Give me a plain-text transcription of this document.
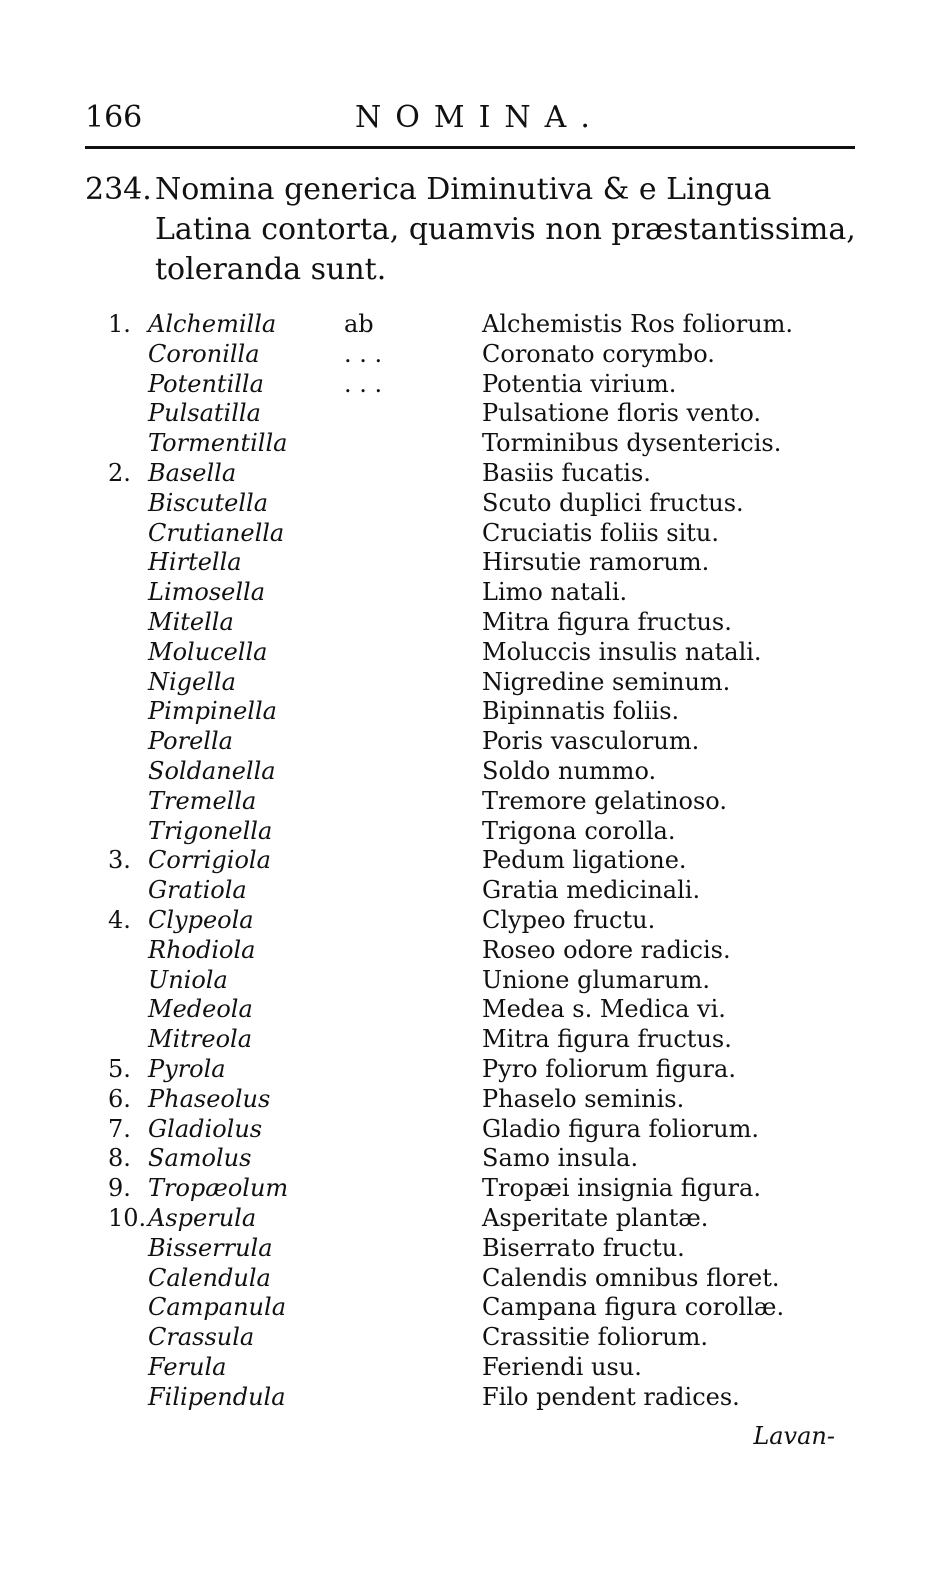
166	NOMINA.
234. Nomina generica Diminutiva & e Lingua Latina contorta, quamvis non præstantissima, toleranda sunt.
1. Alchemilla	ab	Alchemistis Ros foliorum.
Coronilla	. . .	Coronato corymbo.
Potentilla	. . .	Potentia virium.
Pulsatilla	Pulsatione floris vento.
Tormentilla	Torminibus dysentericis.
2. Basella	Basiis fucatis.
Biscutella	Scuto duplici fructus.
Crutianella	Cruciatis foliis situ.
Hirtella	Hirsutie ramorum.
Limosella	Limo natali.
Mitella	Mitra figura fructus.
Molucella	Moluccis insulis natali.
Nigella	Nigredine seminum.
Pimpinella	Bipinnatis foliis.
Porella	Poris vasculorum.
Soldanella	Soldo nummo.
Tremella	Tremore gelatinoso.
Trigonella	Trigona corolla.
3. Corrigiola	Pedum ligatione.
Gratiola	Gratia medicinali.
4. Clypeola	Clypeo fructu.
Rhodiola	Roseo odore radicis.
Uniola	Unione glumarum.
Medeola	Medea s. Medica vi.
Mitreola	Mitra figura fructus.
5. Pyrola	Pyro foliorum figura.
6. Phaseolus	Phaselo seminis.
7. Gladiolus	Gladio figura foliorum.
8. Samolus	Samo insula.
9. Tropæolum	Tropæi insignia figura.
10. Asperula	Asperitate plantæ.
Bisserrula	Biserrato fructu.
Calendula	Calendis omnibus floret.
Campanula	Campana figura corollæ.
Crassula	Crassitie foliorum.
Ferula	Feriendi usu.
Filipendula	Filo pendent radices.
Lavan-
